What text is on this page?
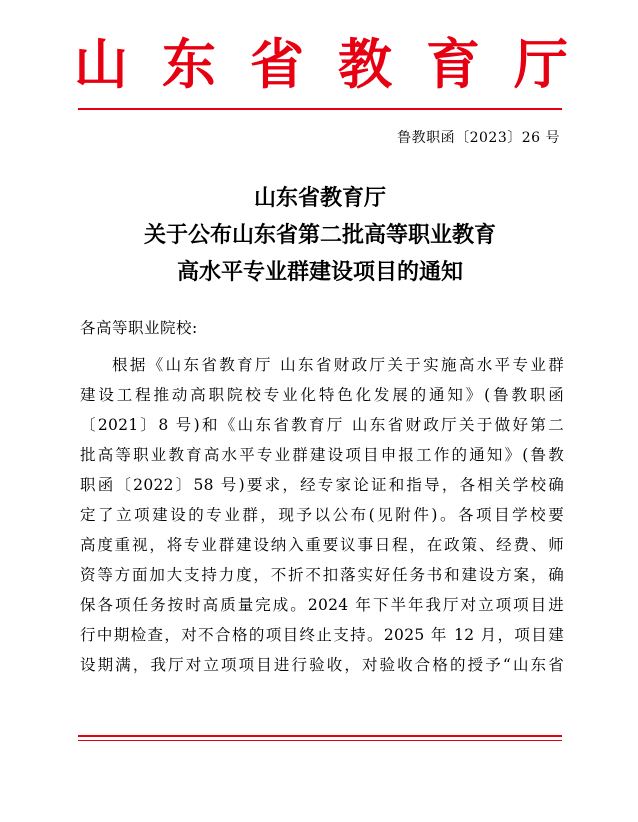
山东省教育厅
鲁教职函〔2023〕26 号
山东省教育厅
关于公布山东省第二批高等职业教育
高水平专业群建设项目的通知
各高等职业院校:
根据《山东省教育厅 山东省财政厅关于实施高水平专业群
建设工程推动高职院校专业化特色化发展的通知》(鲁教职函
〔2021〕8 号)和《山东省教育厅 山东省财政厅关于做好第二
批高等职业教育高水平专业群建设项目申报工作的通知》(鲁教
职函〔2022〕58 号)要求，经专家论证和指导，各相关学校确
定了立项建设的专业群，现予以公布(见附件)。各项目学校要
高度重视，将专业群建设纳入重要议事日程，在政策、经费、师
资等方面加大支持力度，不折不扣落实好任务书和建设方案，确
保各项任务按时高质量完成。2024 年下半年我厅对立项项目进
行中期检查，对不合格的项目终止支持。2025 年 12 月，项目建
设期满，我厅对立项项目进行验收，对验收合格的授予“山东省
